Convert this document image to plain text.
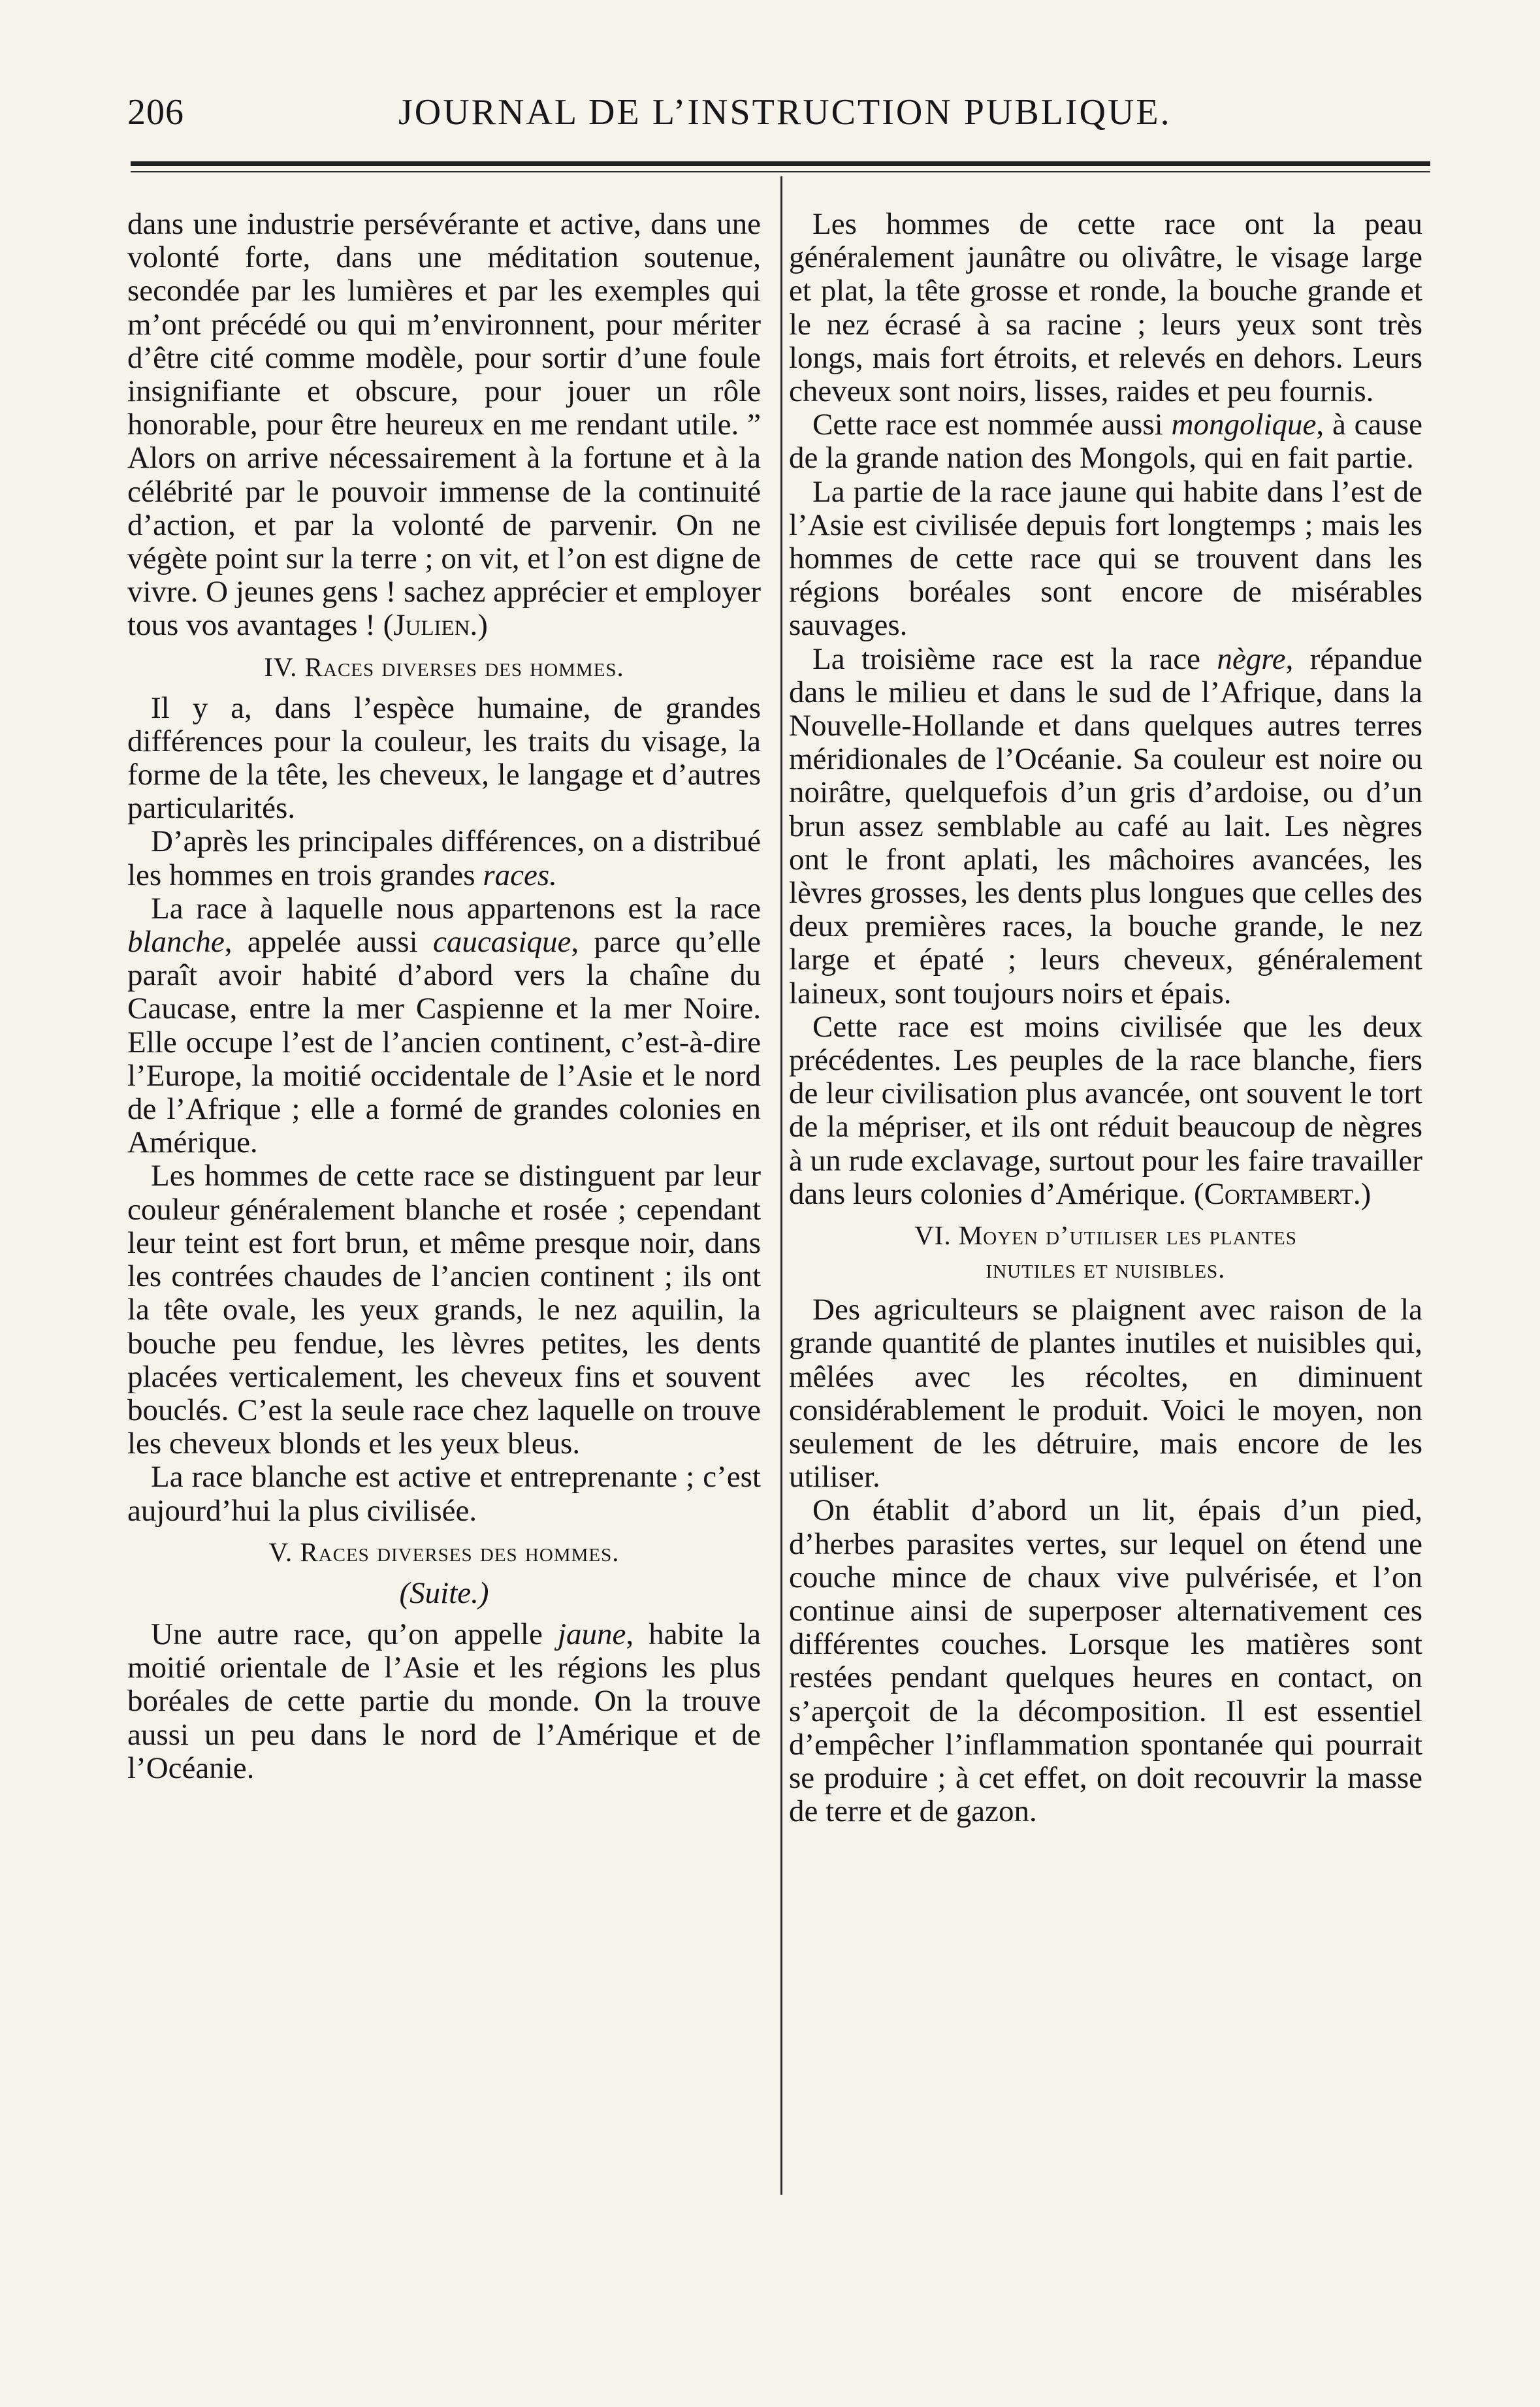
206	JOURNAL DE L’INSTRUCTION PUBLIQUE.

dans une industrie persévérante et active, dans une volonté forte, dans une méditation soutenue, secondée par les lumières et par les exemples qui m’ont précédé ou qui m’environnent, pour mériter d’être cité comme modèle, pour sortir d’une foule insignifiante et obscure, pour jouer un rôle honorable, pour être heureux en me rendant utile. ” Alors on arrive nécessairement à la fortune et à la célébrité par le pouvoir immense de la continuité d’action, et par la volonté de parvenir. On ne végète point sur la terre ; on vit, et l’on est digne de vivre. O jeunes gens ! sachez apprécier et employer tous vos avantages ! (Julien.)

IV. Races diverses des hommes.

Il y a, dans l’espèce humaine, de grandes différences pour la couleur, les traits du visage, la forme de la tête, les cheveux, le langage et d’autres particularités.

D’après les principales différences, on a distribué les hommes en trois grandes races.

La race à laquelle nous appartenons est la race blanche, appelée aussi caucasique, parce qu’elle paraît avoir habité d’abord vers la chaîne du Caucase, entre la mer Caspienne et la mer Noire. Elle occupe l’est de l’ancien continent, c’est-à-dire l’Europe, la moitié occidentale de l’Asie et le nord de l’Afrique ; elle a formé de grandes colonies en Amérique.

Les hommes de cette race se distinguent par leur couleur généralement blanche et rosée ; cependant leur teint est fort brun, et même presque noir, dans les contrées chaudes de l’ancien continent ; ils ont la tête ovale, les yeux grands, le nez aquilin, la bouche peu fendue, les lèvres petites, les dents placées verticalement, les cheveux fins et souvent bouclés. C’est la seule race chez laquelle on trouve les cheveux blonds et les yeux bleus.

La race blanche est active et entreprenante ; c’est aujourd’hui la plus civilisée.

V. Races diverses des hommes.

(Suite.)

Une autre race, qu’on appelle jaune, habite la moitié orientale de l’Asie et les régions les plus boréales de cette partie du monde. On la trouve aussi un peu dans le nord de l’Amérique et de l’Océanie.

Les hommes de cette race ont la peau généralement jaunâtre ou olivâtre, le visage large et plat, la tête grosse et ronde, la bouche grande et le nez écrasé à sa racine ; leurs yeux sont très longs, mais fort étroits, et relevés en dehors. Leurs cheveux sont noirs, lisses, raides et peu fournis.

Cette race est nommée aussi mongolique, à cause de la grande nation des Mongols, qui en fait partie.

La partie de la race jaune qui habite dans l’est de l’Asie est civilisée depuis fort longtemps ; mais les hommes de cette race qui se trouvent dans les régions boréales sont encore de misérables sauvages.

La troisième race est la race nègre, répandue dans le milieu et dans le sud de l’Afrique, dans la Nouvelle-Hollande et dans quelques autres terres méridionales de l’Océanie. Sa couleur est noire ou noirâtre, quelquefois d’un gris d’ardoise, ou d’un brun assez semblable au café au lait. Les nègres ont le front aplati, les mâchoires avancées, les lèvres grosses, les dents plus longues que celles des deux premières races, la bouche grande, le nez large et épaté ; leurs cheveux, généralement laineux, sont toujours noirs et épais.

Cette race est moins civilisée que les deux précédentes. Les peuples de la race blanche, fiers de leur civilisation plus avancée, ont souvent le tort de la mépriser, et ils ont réduit beaucoup de nègres à un rude exclavage, surtout pour les faire travailler dans leurs colonies d’Amérique. (Cortambert.)

VI. Moyen d’utiliser les plantes
inutiles et nuisibles.

Des agriculteurs se plaignent avec raison de la grande quantité de plantes inutiles et nuisibles qui, mêlées avec les récoltes, en diminuent considérablement le produit. Voici le moyen, non seulement de les détruire, mais encore de les utiliser.

On établit d’abord un lit, épais d’un pied, d’herbes parasites vertes, sur lequel on étend une couche mince de chaux vive pulvérisée, et l’on continue ainsi de superposer alternativement ces différentes couches. Lorsque les matières sont restées pendant quelques heures en contact, on s’aperçoit de la décomposition. Il est essentiel d’empêcher l’inflammation spontanée qui pourrait se produire ; à cet effet, on doit recouvrir la masse de terre et de gazon.
